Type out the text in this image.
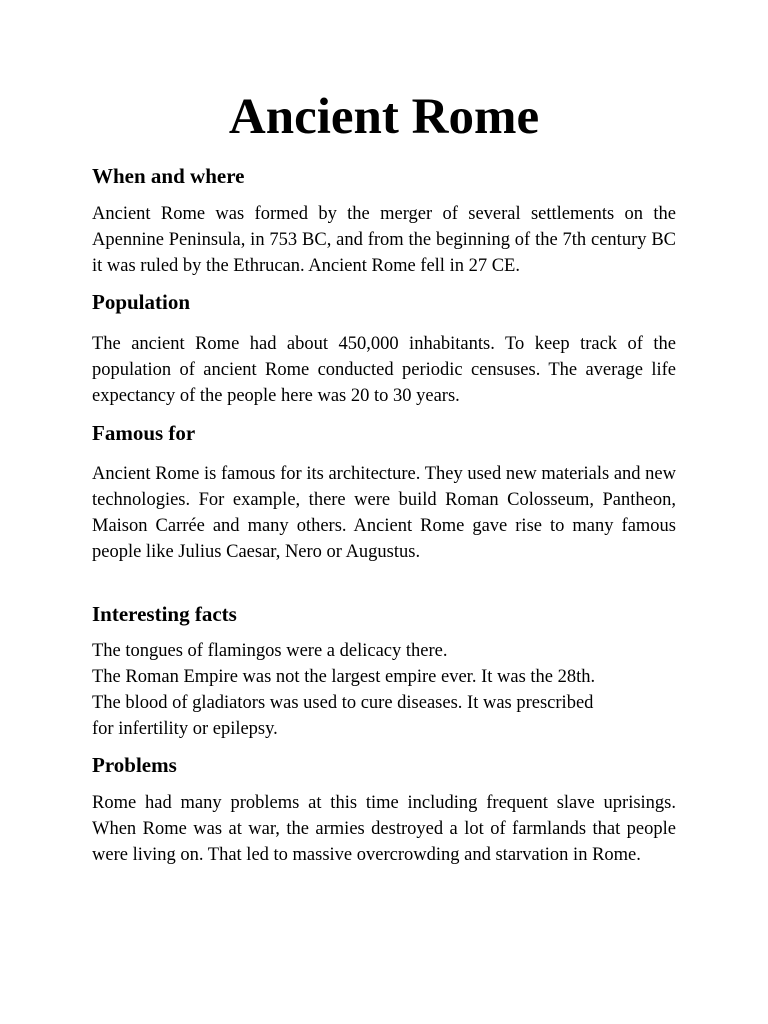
Ancient Rome
When and where

Ancient Rome was formed by the merger of several settlements on the Apennine Peninsula, in 753 BC, and from the beginning of the 7th century BC it was ruled by the Ethrucan. Ancient Rome fell in 27 CE.

Population

The ancient Rome had about 450,000 inhabitants. To keep track of the population of ancient Rome conducted periodic censuses. The average life expectancy of the people here was 20 to 30 years.

Famous for

Ancient Rome is famous for its architecture. They used new materials and new technologies. For example, there were build Roman Colosseum, Pantheon, Maison Carrée and many others. Ancient Rome gave rise to many famous people like Julius Caesar, Nero or Augustus.

Interesting facts
The tongues of flamingos were a delicacy there.
The Roman Empire was not the largest empire ever. It was the 28th.
The blood of gladiators was used to cure diseases. It was prescribed
for infertility or epilepsy.
Problems

Rome had many problems at this time including frequent slave uprisings. When Rome was at war, the armies destroyed a lot of farmlands that people were living on. That led to massive overcrowding and starvation in Rome.
